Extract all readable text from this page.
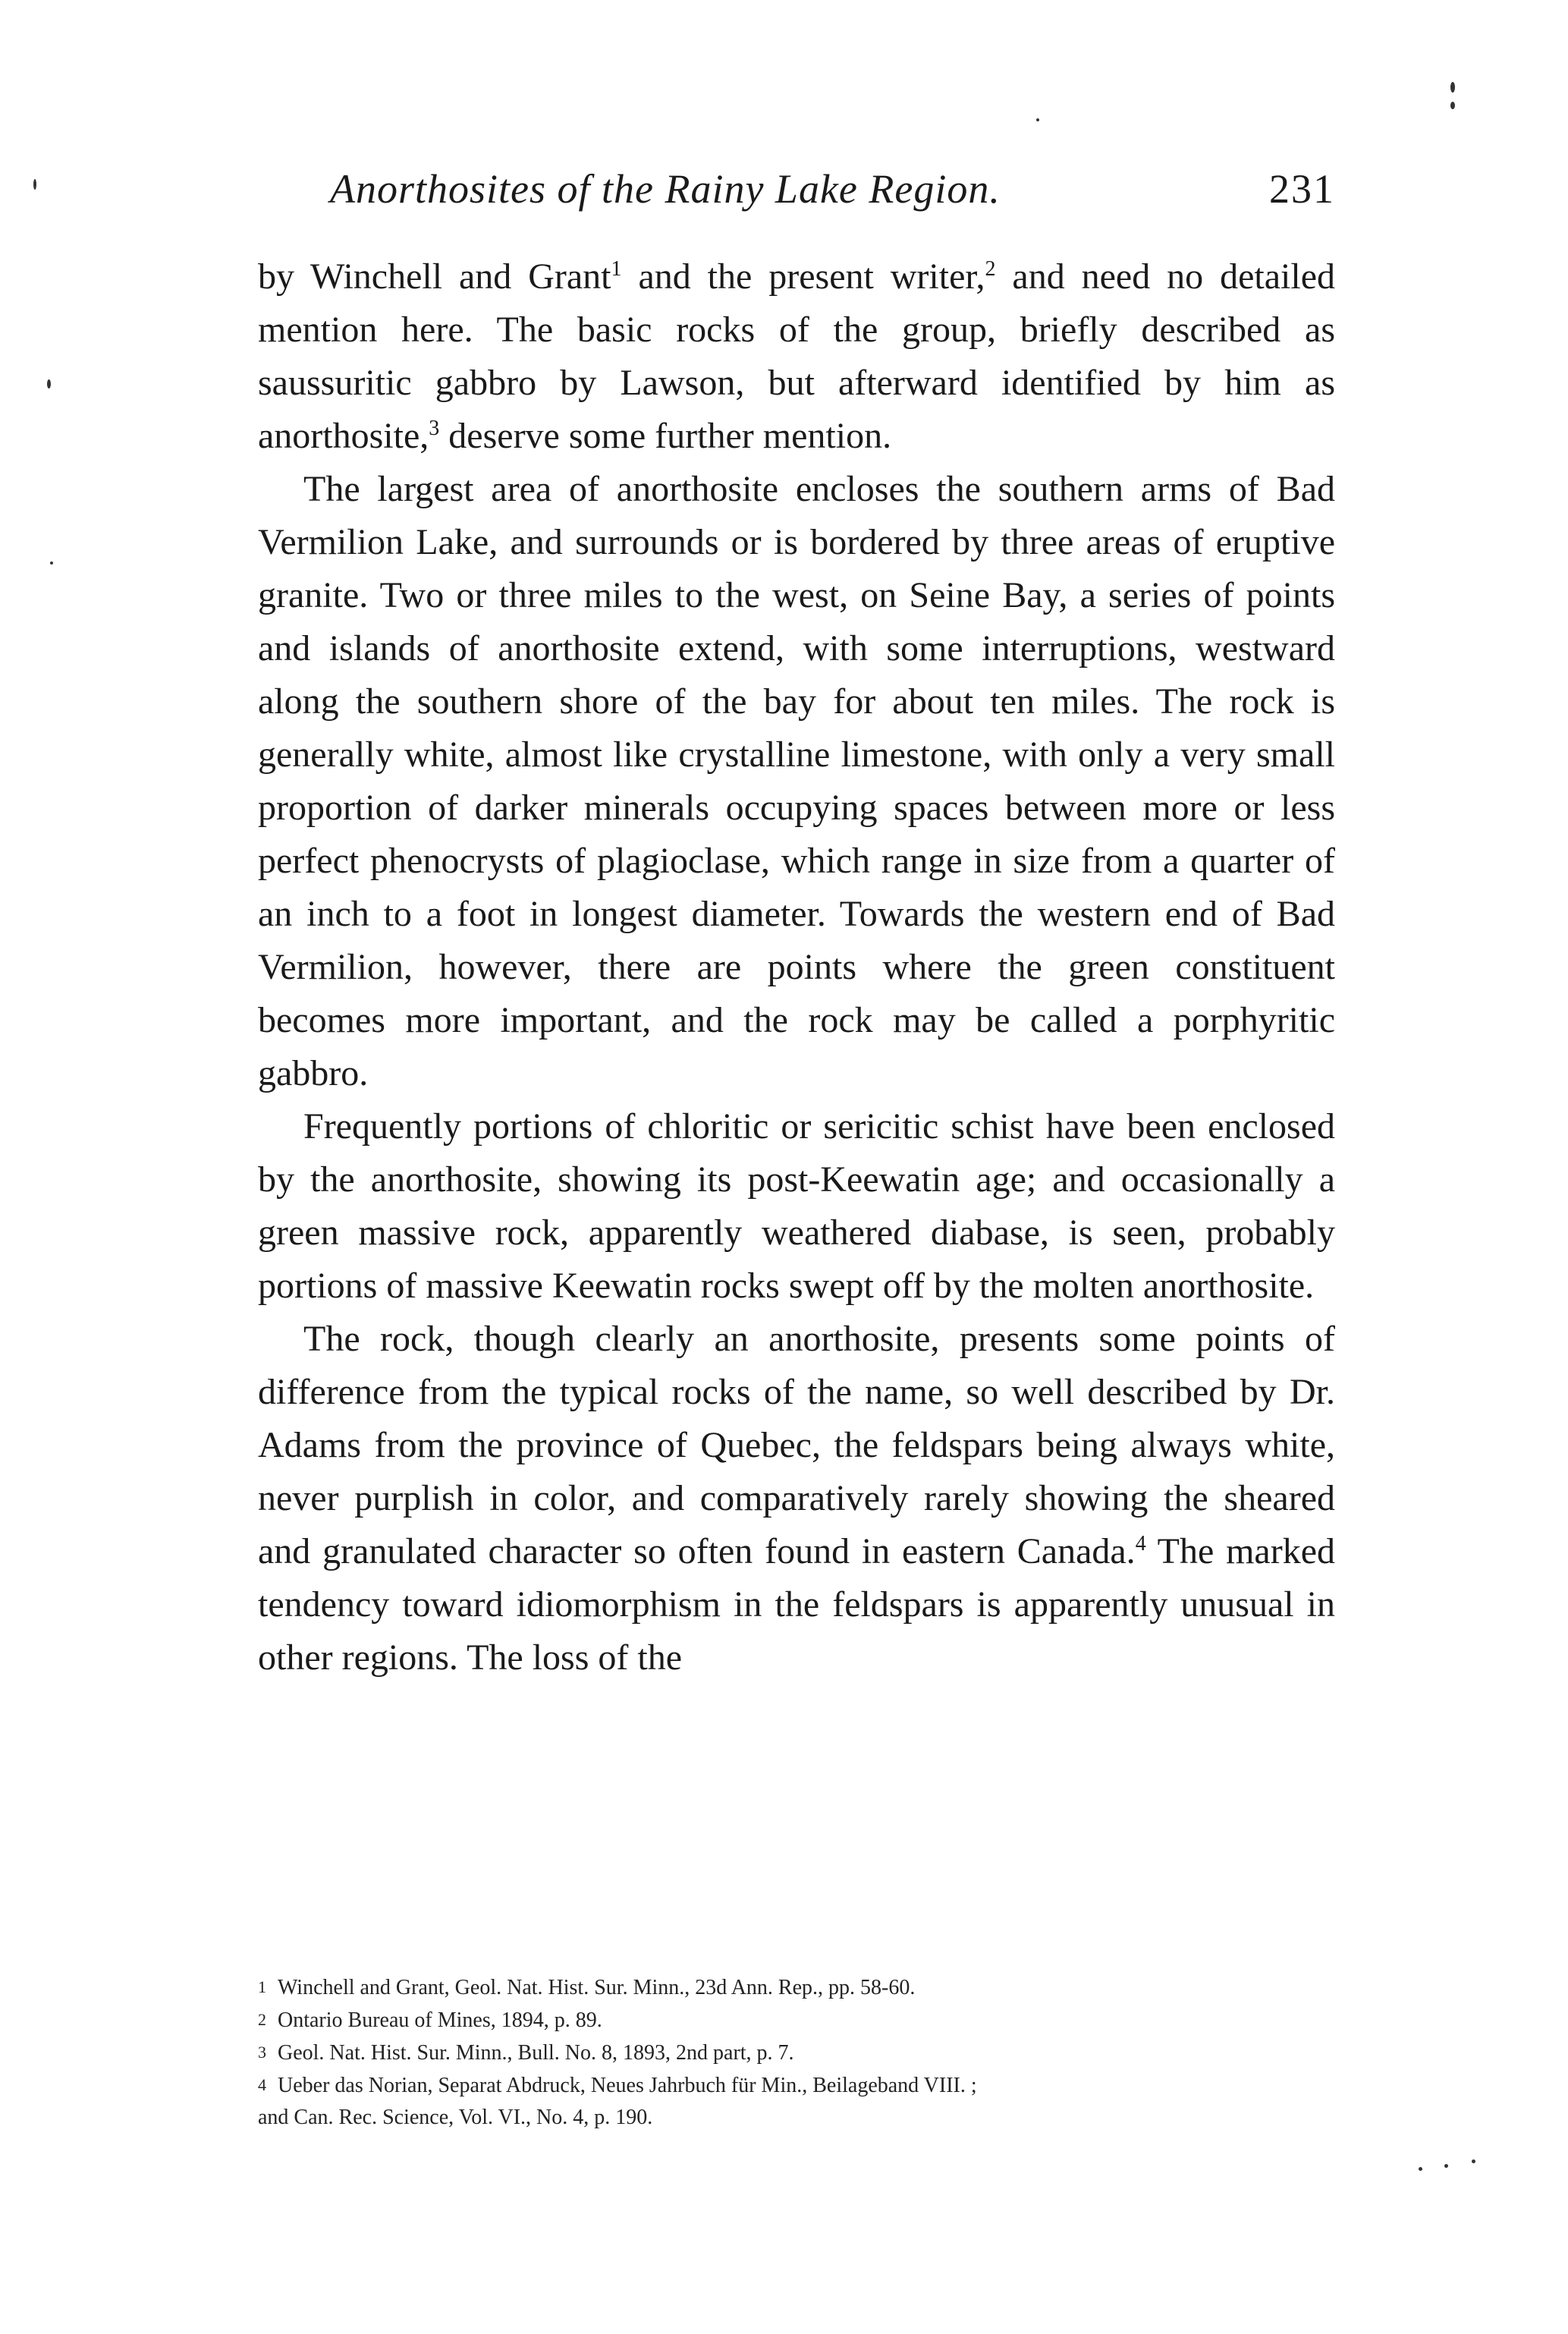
Anorthosites of the Rainy Lake Region.	231

by Winchell and Grant$^1$ and the present writer,$^2$ and need no detailed mention here. The basic rocks of the group, briefly described as saussuritic gabbro by Lawson, but afterward identified by him as anorthosite,$^3$ deserve some further mention.

The largest area of anorthosite encloses the southern arms of Bad Vermilion Lake, and surrounds or is bordered by three areas of eruptive granite. Two or three miles to the west, on Seine Bay, a series of points and islands of anorthosite extend, with some interruptions, westward along the southern shore of the bay for about ten miles. The rock is generally white, almost like crystalline limestone, with only a very small proportion of darker minerals occupying spaces between more or less perfect phenocrysts of plagioclase, which range in size from a quarter of an inch to a foot in longest diameter. Towards the western end of Bad Vermilion, however, there are points where the green constituent becomes more important, and the rock may be called a porphyritic gabbro.

Frequently portions of chloritic or sericitic schist have been enclosed by the anorthosite, showing its post-Keewatin age; and occasionally a green massive rock, apparently weathered diabase, is seen, probably portions of massive Keewatin rocks swept off by the molten anorthosite.

The rock, though clearly an anorthosite, presents some points of difference from the typical rocks of the name, so well described by Dr. Adams from the province of Quebec, the feldspars being always white, never purplish in color, and comparatively rarely showing the sheared and granulated character so often found in eastern Canada.$^4$ The marked tendency toward idiomorphism in the feldspars is apparently unusual in other regions. The loss of the

1 Winchell and Grant, Geol. Nat. Hist. Sur. Minn., 23d Ann. Rep., pp. 58-60.
2 Ontario Bureau of Mines, 1894, p. 89.
3 Geol. Nat. Hist. Sur. Minn., Bull. No. 8, 1893, 2nd part, p. 7.
4 Ueber das Norian, Separat Abdruck, Neues Jahrbuch für Min., Beilageband VIII. ;
and Can. Rec. Science, Vol. VI., No. 4, p. 190.
